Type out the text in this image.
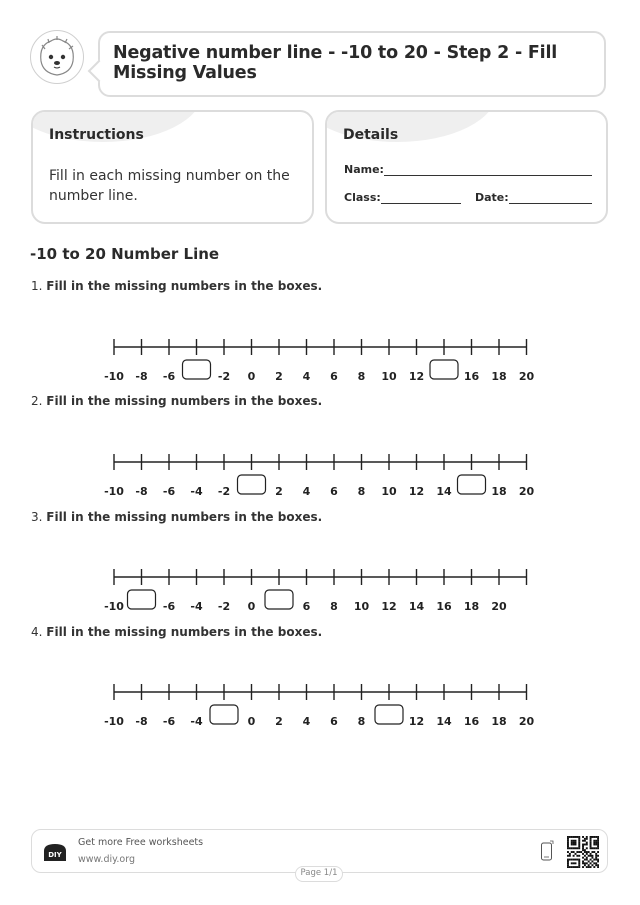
Negative number line - -10 to 20 - Step 2 - Fill Missing Values
Instructions
Fill in each missing number on the number line.
Details
Name:
Class:	Date:
-10 to 20 Number Line
1. Fill in the missing numbers in the boxes.
-10 -8 -6	-2 0 2 4 6 8 10 12	16 18 20
2. Fill in the missing numbers in the boxes.
-10 -8 -6 -4 -2	2 4 6 8 10 12 14	18 20
3. Fill in the missing numbers in the boxes.
-10	-6 -4 -2 0	6 8 10 12 14 16 18 20
4. Fill in the missing numbers in the boxes.
-10 -8 -6 -4	0 2 4 6 8	12 14 16 18 20
DIY
Get more Free worksheets
www.diy.org
Page 1/1
